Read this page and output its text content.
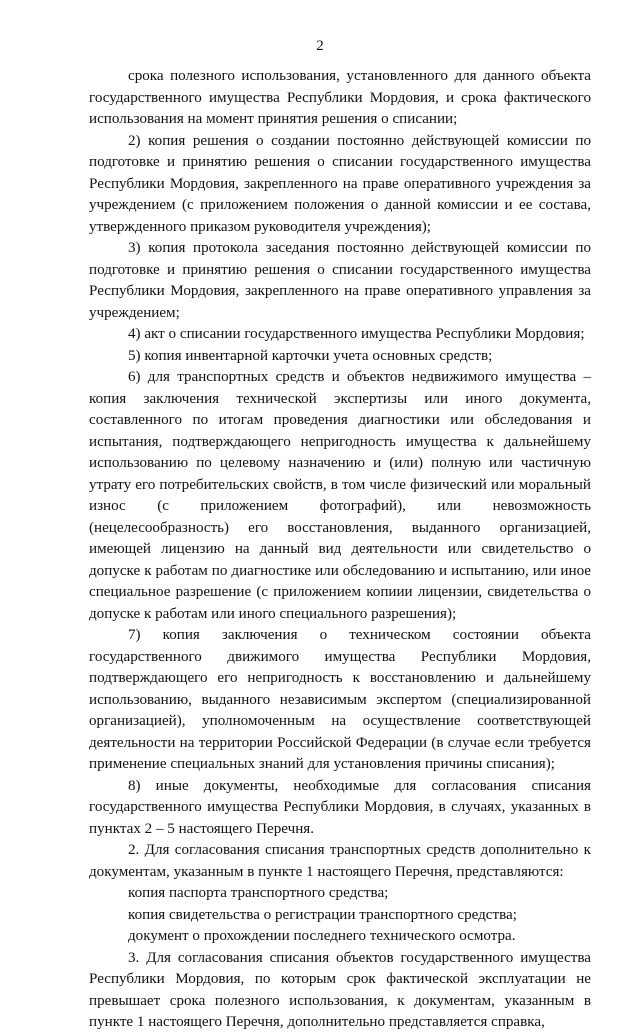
2

срока полезного использования, установленного для данного объекта государственного имущества Республики Мордовия, и срока фактического использования на момент принятия решения о списании;

2) копия решения о создании постоянно действующей комиссии по подготовке и принятию решения о списании государственного имущества Республики Мордовия, закрепленного на праве оперативного учреждения за учреждением (с приложением положения о данной комиссии и ее состава, утвержденного приказом руководителя учреждения);

3) копия протокола заседания постоянно действующей комиссии по подготовке и принятию решения о списании государственного имущества Республики Мордовия, закрепленного на праве оперативного управления за учреждением;

4) акт о списании государственного имущества Республики Мордовия;

5) копия инвентарной карточки учета основных средств;

6) для транспортных средств и объектов недвижимого имущества – копия заключения технической экспертизы или иного документа, составленного по итогам проведения диагностики или обследования и испытания, подтверждающего непригодность имущества к дальнейшему использованию по целевому назначению и (или) полную или частичную утрату его потребительских свойств, в том числе физический или моральный износ (с приложением фотографий), или невозможность (нецелесообразность) его восстановления, выданного организацией, имеющей лицензию на данный вид деятельности или свидетельство о допуске к работам по диагностике или обследованию и испытанию, или иное специальное разрешение (с приложением копиии лицензии, свидетельства о допуске к работам или иного специального разрешения);

7) копия заключения о техническом состоянии объекта государственного движимого имущества Республики Мордовия, подтверждающего его непригодность к восстановлению и дальнейшему использованию, выданного независимым экспертом (специализированной организацией), уполномоченным на осуществление соответствующей деятельности на территории Российской Федерации (в случае если требуется применение специальных знаний для установления причины списания);

8) иные документы, необходимые для согласования списания государственного имущества Республики Мордовия, в случаях, указанных в пунктах 2 – 5 настоящего Перечня.

2. Для согласования списания транспортных средств дополнительно к документам, указанным в пункте 1 настоящего Перечня, представляются:

копия паспорта транспортного средства;

копия свидетельства о регистрации транспортного средства;

документ о прохождении последнего технического осмотра.

3. Для согласования списания объектов государственного имущества Республики Мордовия, по которым срок фактической эксплуатации не превышает срока полезного использования, к документам, указанным в пункте 1 настоящего Перечня, дополнительно представляется справка,
